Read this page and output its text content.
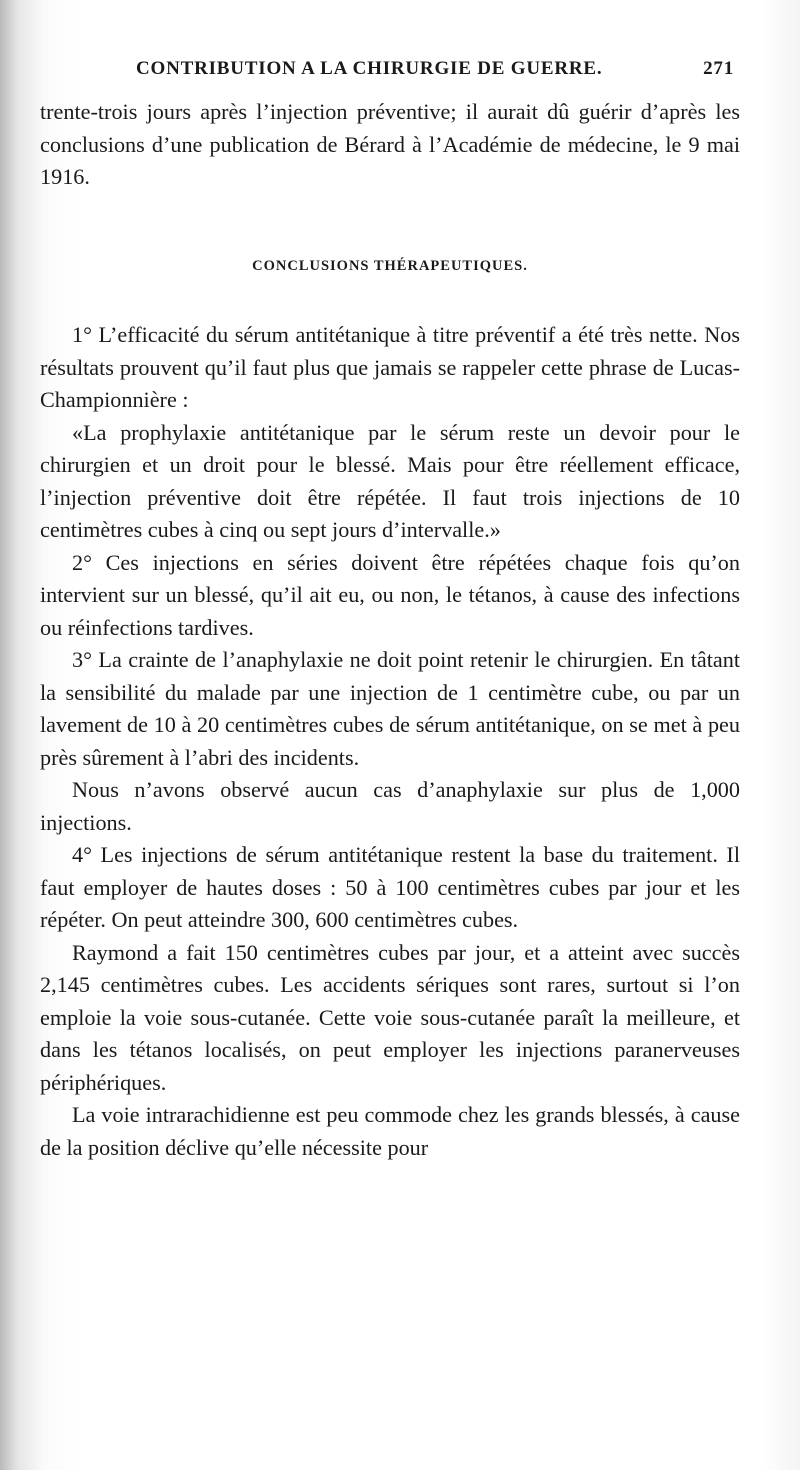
CONTRIBUTION A LA CHIRURGIE DE GUERRE.	271

trente-trois jours après l’injection préventive; il aurait dû guérir d’après les conclusions d’une publication de Bérard à l’Académie de médecine, le 9 mai 1916.

CONCLUSIONS THÉRAPEUTIQUES.

1° L’efficacité du sérum antitétanique à titre préventif a été très nette. Nos résultats prouvent qu’il faut plus que jamais se rappeler cette phrase de Lucas-Championnière :

«La prophylaxie antitétanique par le sérum reste un devoir pour le chirurgien et un droit pour le blessé. Mais pour être réellement efficace, l’injection préventive doit être répétée. Il faut trois injections de 10 centimètres cubes à cinq ou sept jours d’intervalle.»

2° Ces injections en séries doivent être répétées chaque fois qu’on intervient sur un blessé, qu’il ait eu, ou non, le tétanos, à cause des infections ou réinfections tardives.

3° La crainte de l’anaphylaxie ne doit point retenir le chirurgien. En tâtant la sensibilité du malade par une injection de 1 centimètre cube, ou par un lavement de 10 à 20 centimètres cubes de sérum antitétanique, on se met à peu près sûrement à l’abri des incidents.

Nous n’avons observé aucun cas d’anaphylaxie sur plus de 1,000 injections.

4° Les injections de sérum antitétanique restent la base du traitement. Il faut employer de hautes doses : 50 à 100 centimètres cubes par jour et les répéter. On peut atteindre 300, 600 centimètres cubes.

Raymond a fait 150 centimètres cubes par jour, et a atteint avec succès 2,145 centimètres cubes. Les accidents sériques sont rares, surtout si l’on emploie la voie sous-cutanée. Cette voie sous-cutanée paraît la meilleure, et dans les tétanos localisés, on peut employer les injections paranerveuses périphériques.

La voie intrarachidienne est peu commode chez les grands blessés, à cause de la position déclive qu’elle nécessite pour
